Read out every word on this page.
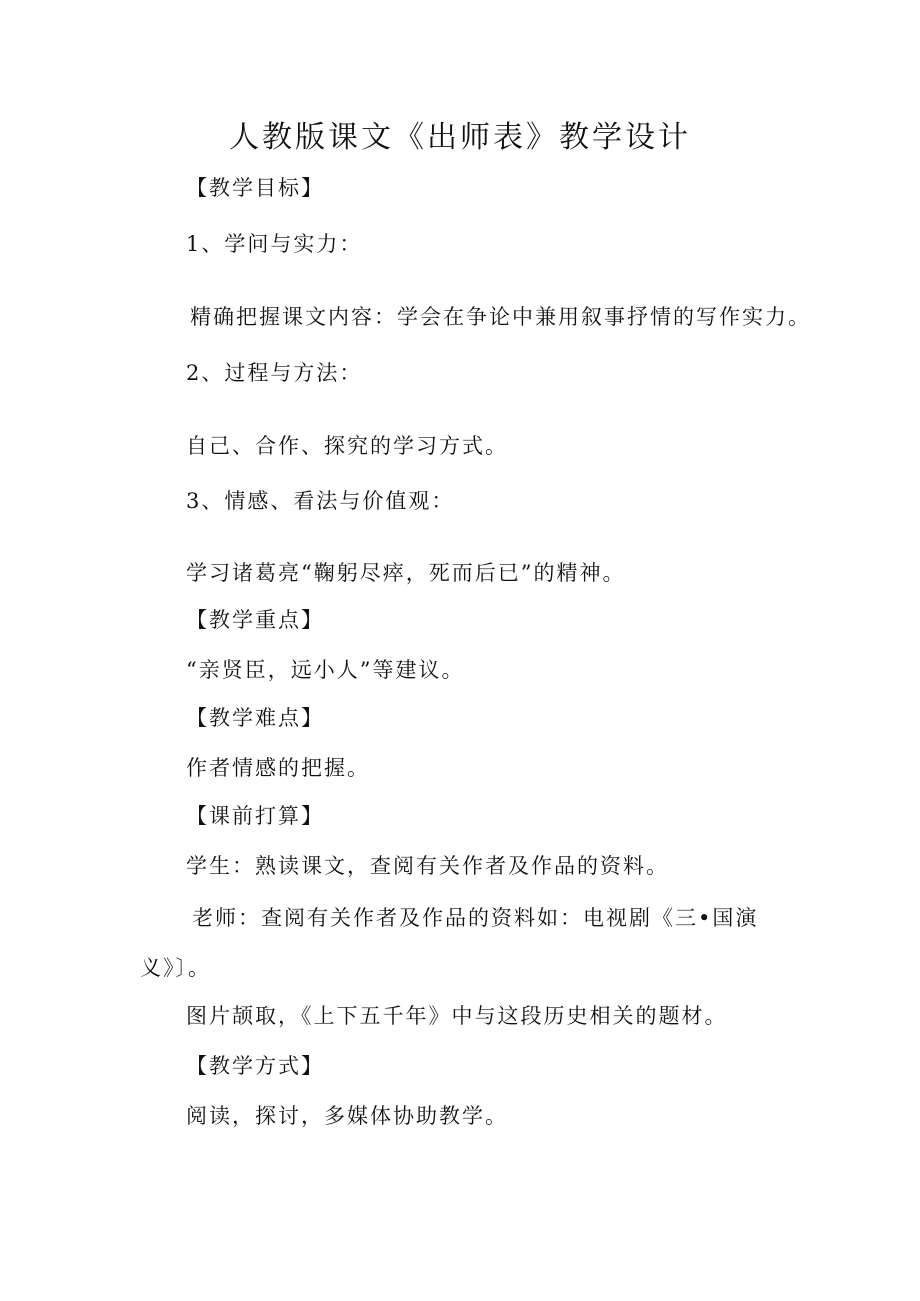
人教版课文《出师表》教学设计
【教学目标】
1、学问与实力：
精确把握课文内容：学会在争论中兼用叙事抒情的写作实力。
2、过程与方法：
自己、合作、探究的学习方式。
3、情感、看法与价值观：
学习诸葛亮“鞠躬尽瘁，死而后已”的精神。
【教学重点】
“亲贤臣，远小人”等建议。
【教学难点】
作者情感的把握。
【课前打算】
学生：熟读课文，查阅有关作者及作品的资料。
老师：查阅有关作者及作品的资料如：电视剧《三•国演
义》〕。
图片颉取，《上下五千年》中与这段历史相关的题材。
【教学方式】
阅读，探讨，多媒体协助教学。
